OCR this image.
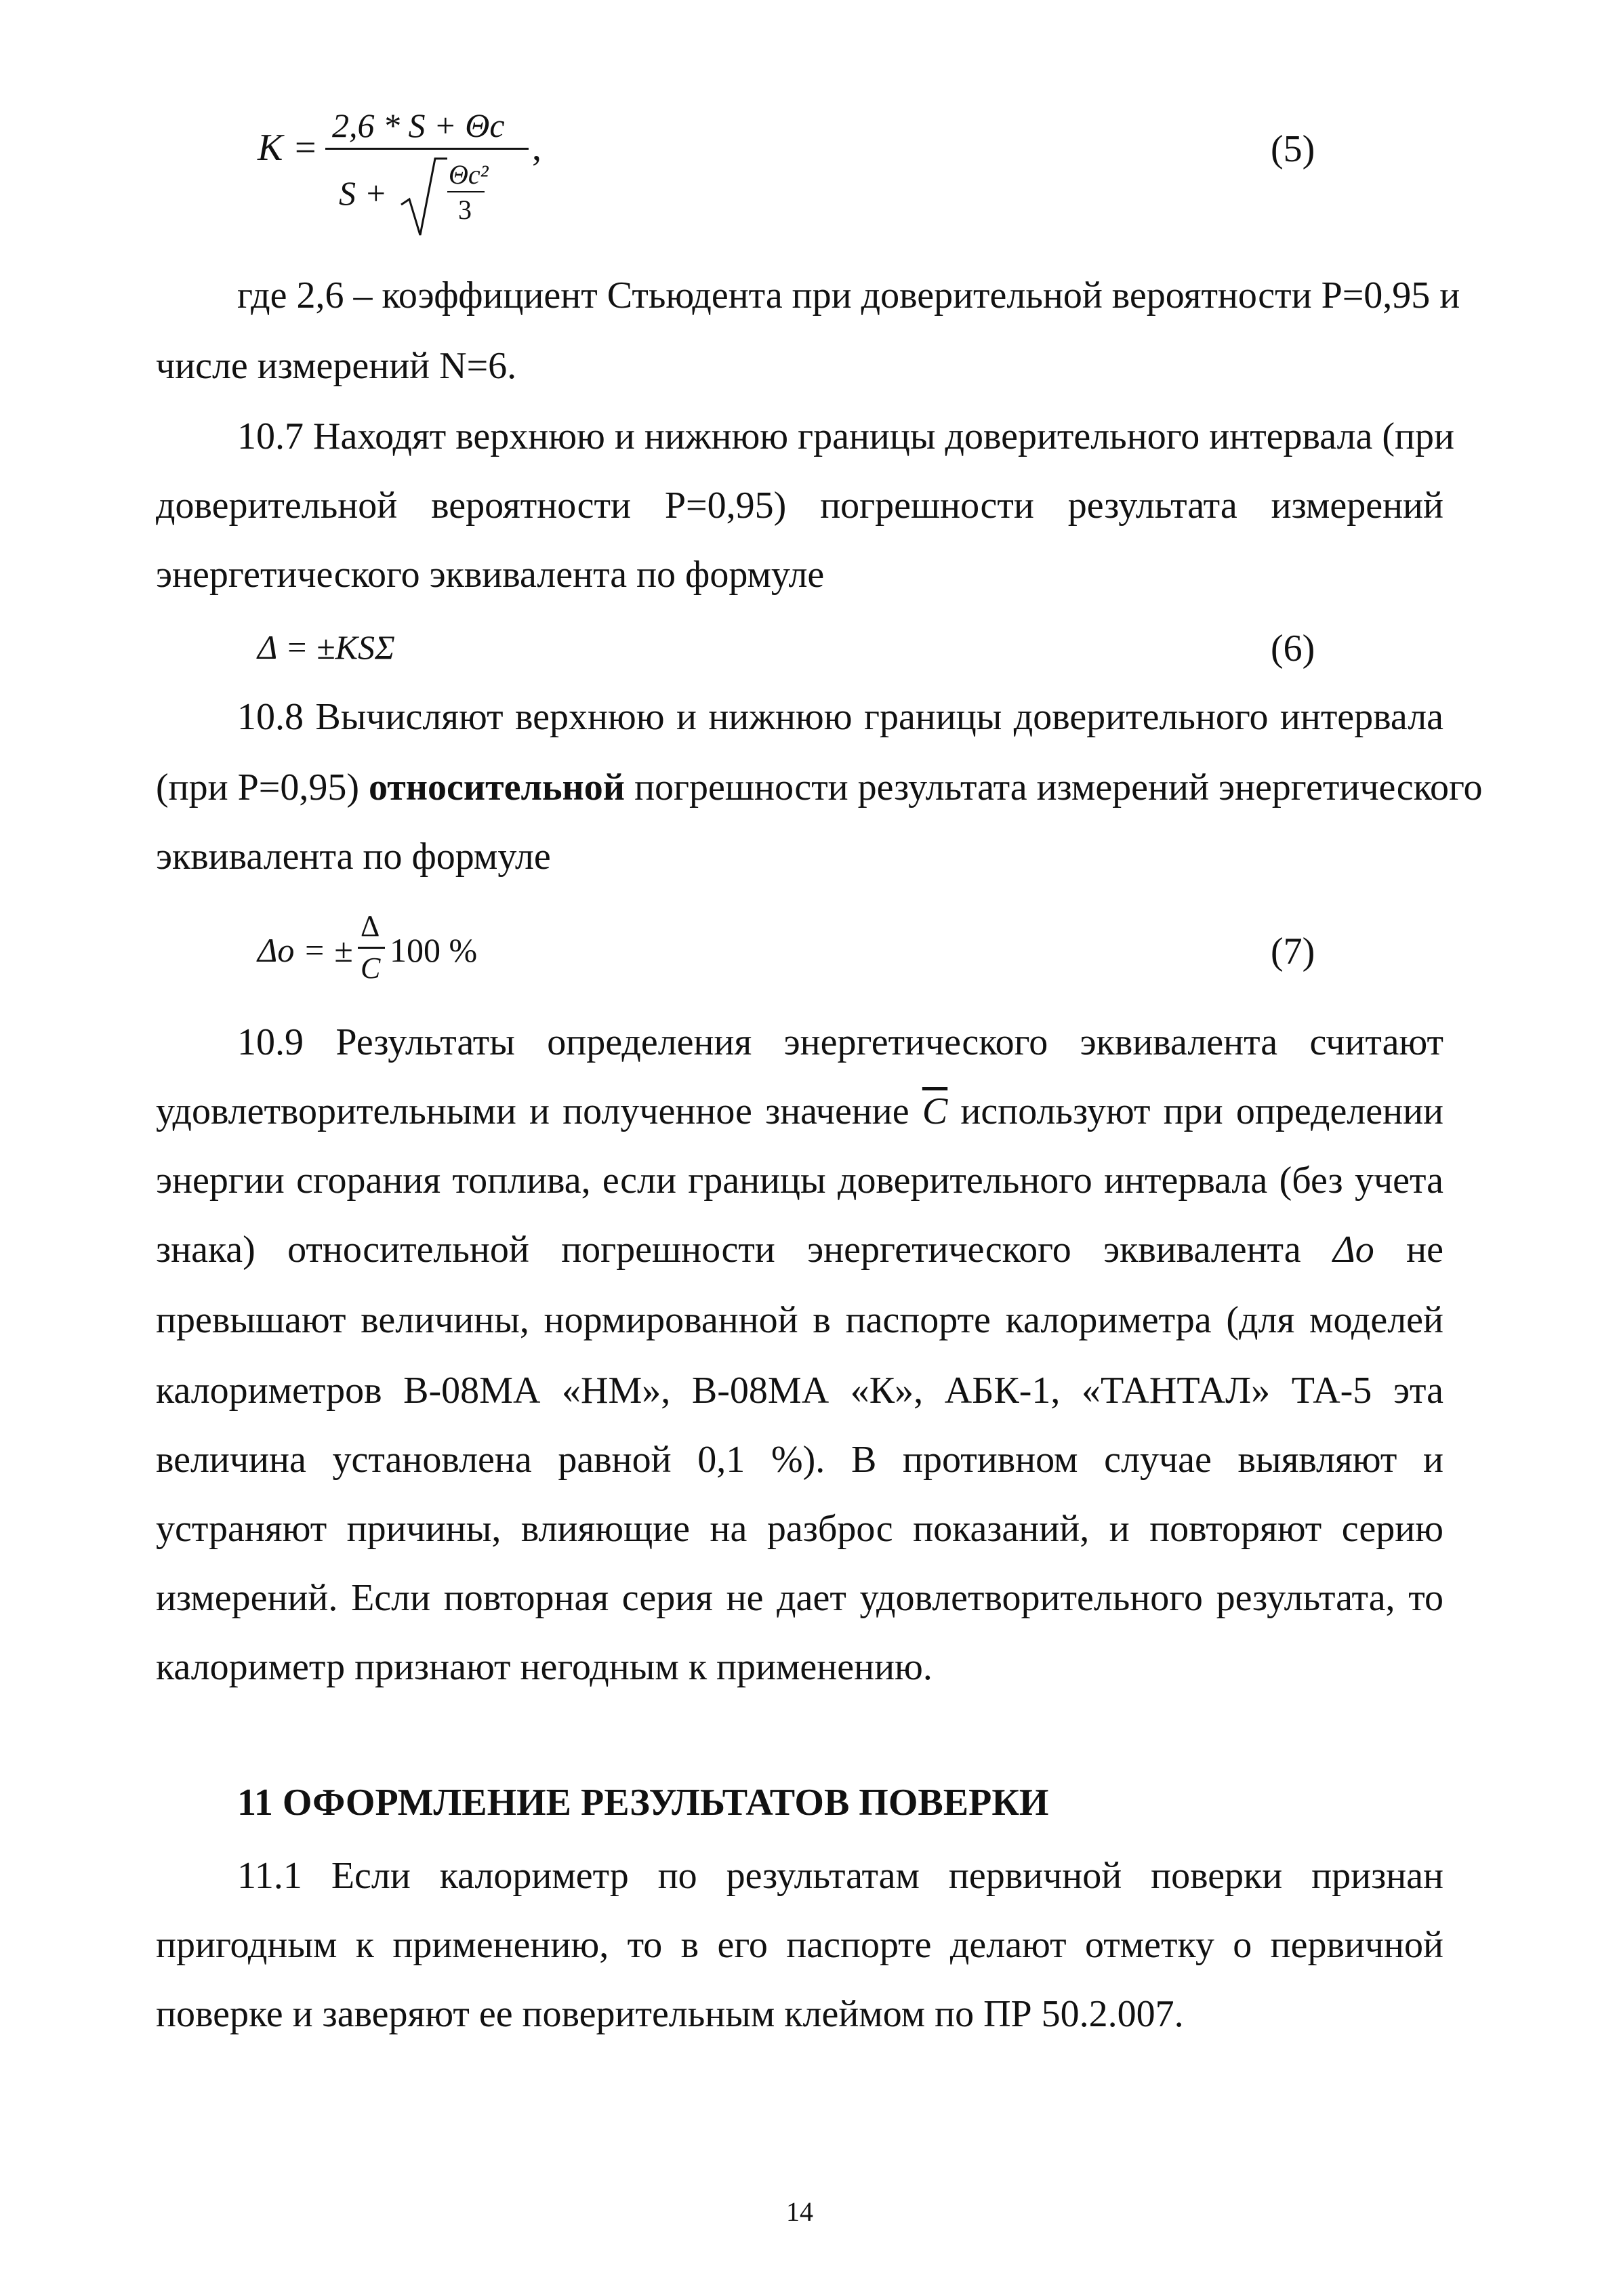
K =
2,6 * S + Θc
S + Θc²
3
,	(5)
где 2,6 – коэффициент Стьюдента при доверительной вероятности Р=0,95 и
числе измерений N=6.
10.7 Находят верхнюю и нижнюю границы доверительного интервала (при
доверительной вероятности Р=0,95) погрешности результата измерений
энергетического эквивалента по формуле
Δ = ±KSΣ	(6)
10.8 Вычисляют верхнюю и нижнюю границы доверительного интервала
(при Р=0,95) относительной погрешности результата измерений энергетического
эквивалента по формуле
Δo = ±
Δ
C 100 %	(7)
10.9 Результаты определения энергетического эквивалента считают
удовлетворительными и полученное значение $\overline{C}$ используют при определении
энергии сгорания топлива, если границы доверительного интервала (без учета
знака) относительной погрешности энергетического эквивалента Δo не
превышают величины, нормированной в паспорте калориметра (для моделей
калориметров В-08МА «НМ», В-08МА «К», АБК-1, «ТАНТАЛ» ТА-5 эта
величина установлена равной 0,1 %). В противном случае выявляют и
устраняют причины, влияющие на разброс показаний, и повторяют серию
измерений. Если повторная серия не дает удовлетворительного результата, то
калориметр признают негодным к применению.
11 ОФОРМЛЕНИЕ РЕЗУЛЬТАТОВ ПОВЕРКИ
11.1 Если калориметр по результатам первичной поверки признан
пригодным к применению, то в его паспорте делают отметку о первичной
поверке и заверяют ее поверительным клеймом по ПР 50.2.007.
14
